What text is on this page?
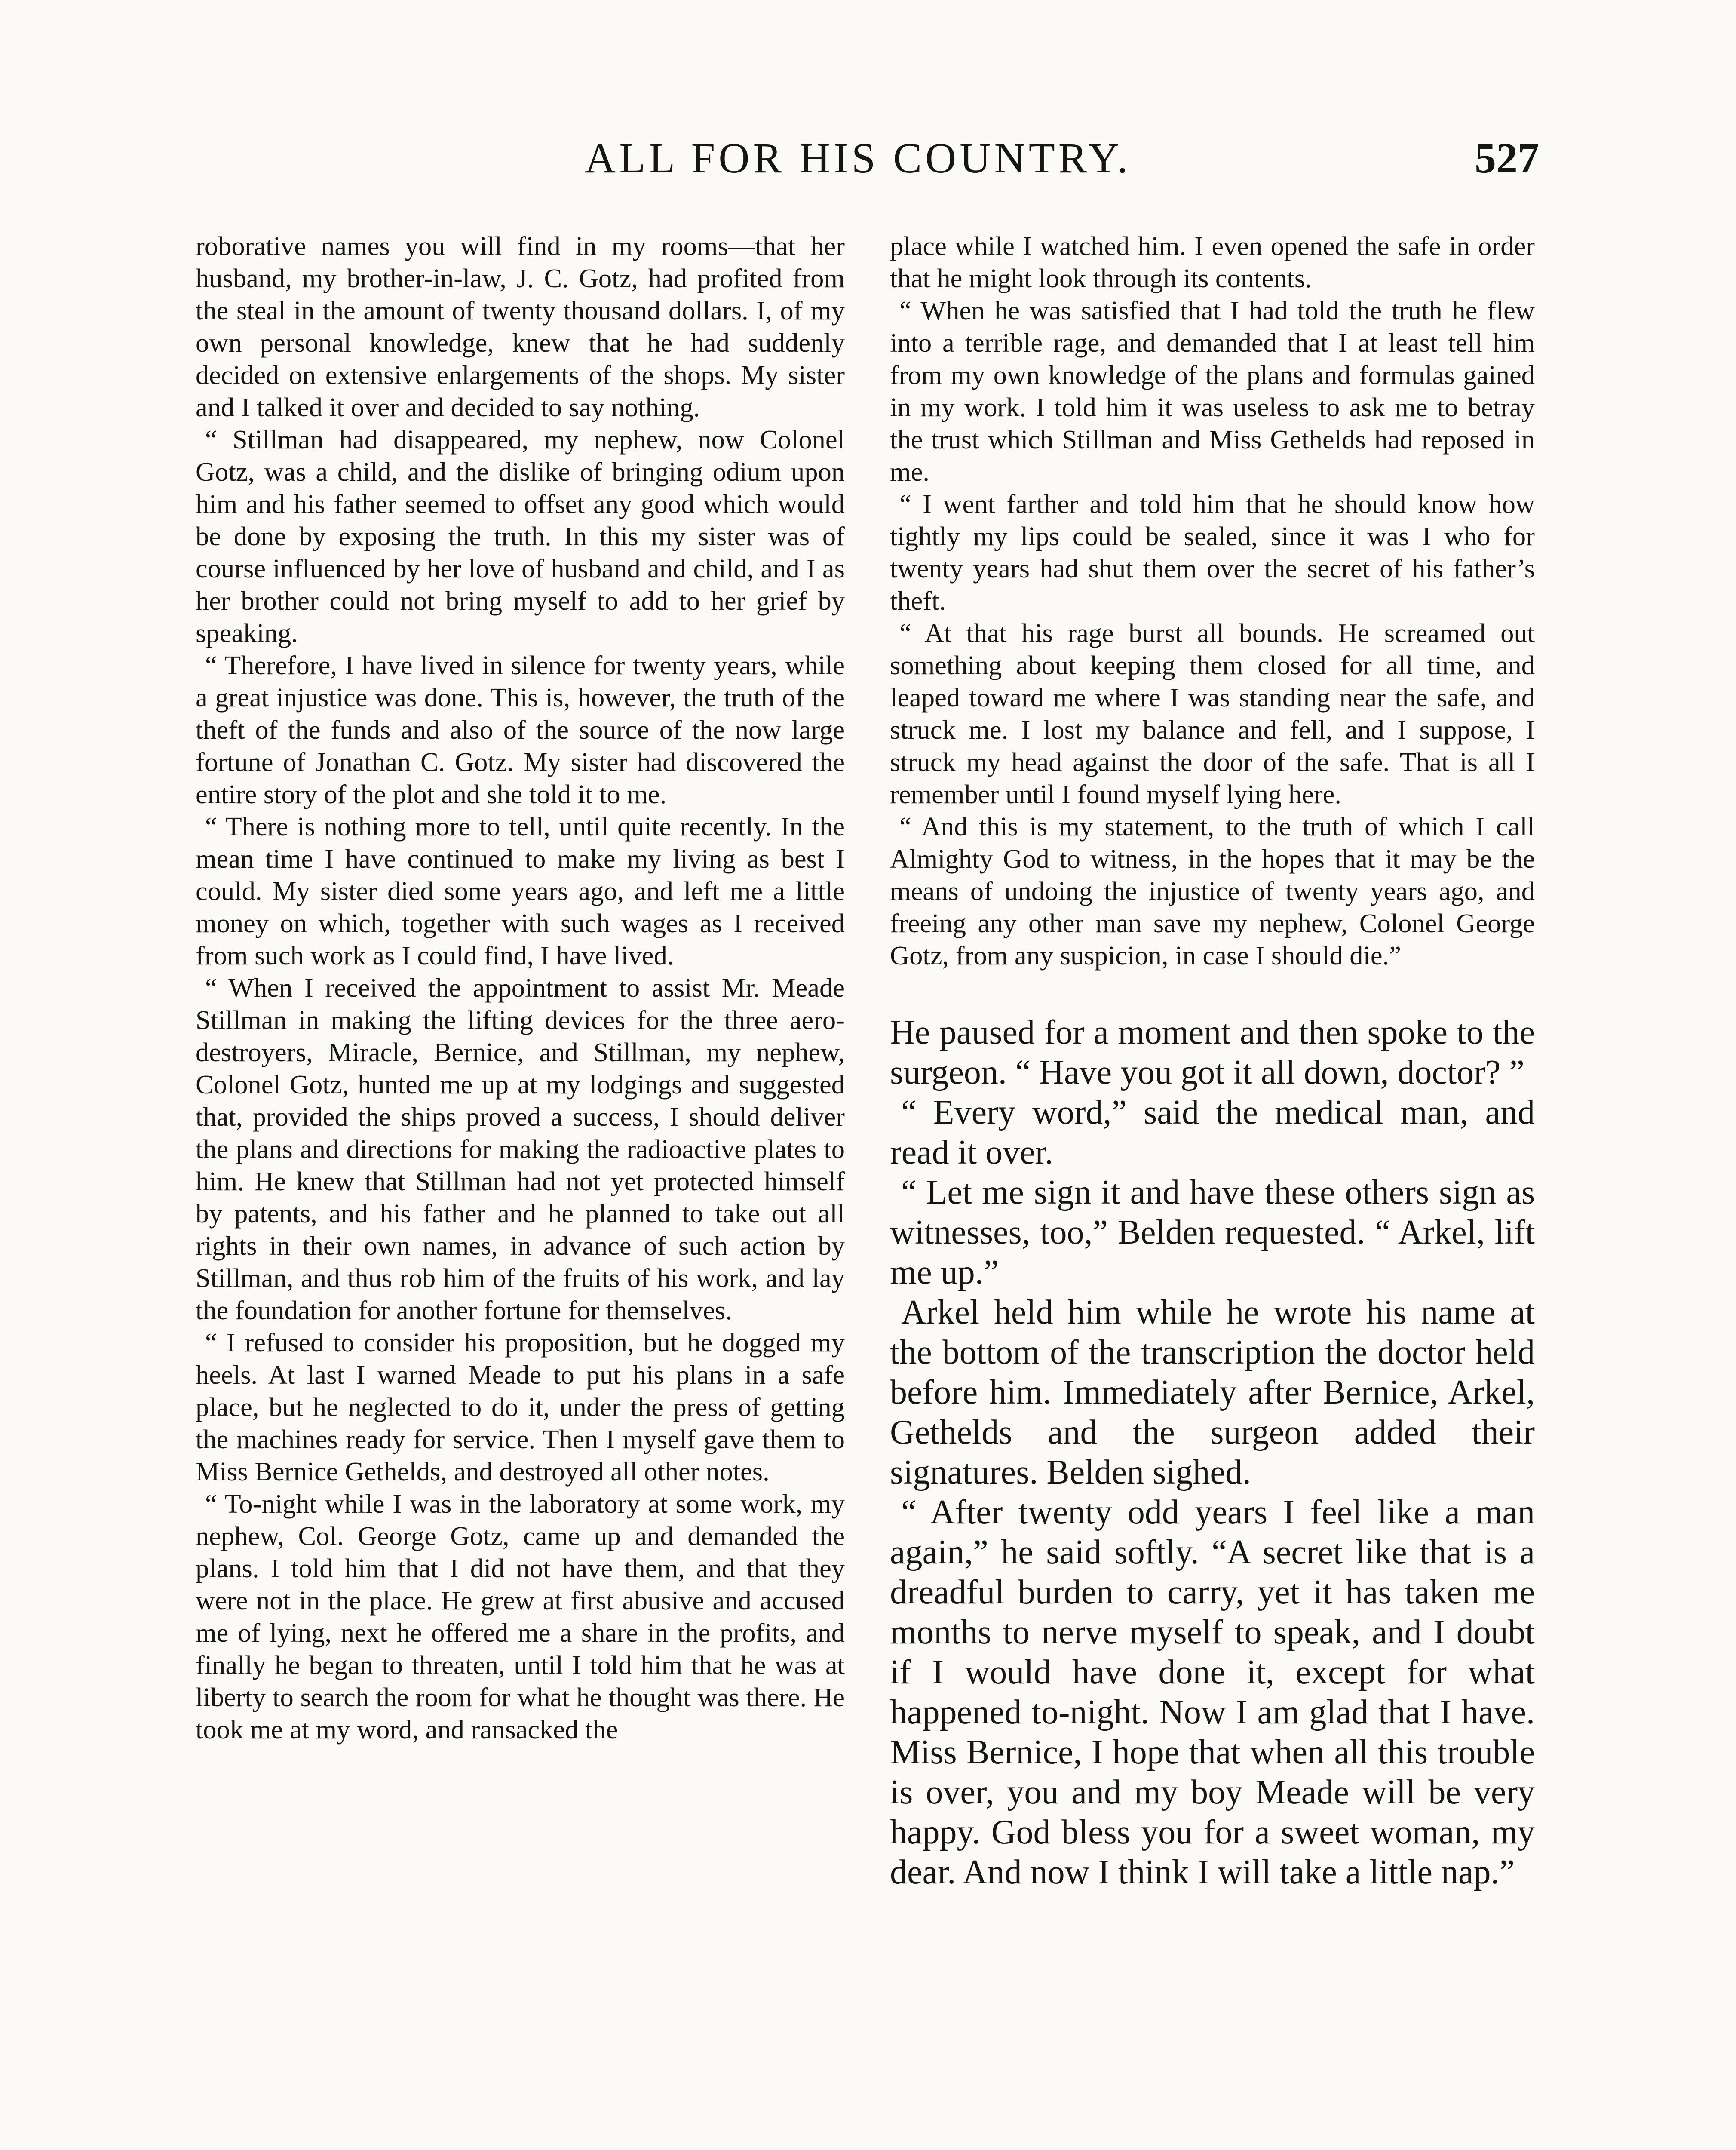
ALL FOR HIS COUNTRY.	527

roborative names you will find in my rooms—that her husband, my brother-in-law, J. C. Gotz, had profited from the steal in the amount of twenty thousand dollars. I, of my own personal knowledge, knew that he had suddenly decided on extensive enlargements of the shops. My sister and I talked it over and decided to say nothing.

“ Stillman had disappeared, my nephew, now Colonel Gotz, was a child, and the dislike of bringing odium upon him and his father seemed to offset any good which would be done by exposing the truth. In this my sister was of course influenced by her love of husband and child, and I as her brother could not bring myself to add to her grief by speaking.

“ Therefore, I have lived in silence for twenty years, while a great injustice was done. This is, however, the truth of the theft of the funds and also of the source of the now large fortune of Jonathan C. Gotz. My sister had discovered the entire story of the plot and she told it to me.

“ There is nothing more to tell, until quite recently. In the mean time I have continued to make my living as best I could. My sister died some years ago, and left me a little money on which, together with such wages as I received from such work as I could find, I have lived.

“ When I received the appointment to assist Mr. Meade Stillman in making the lifting devices for the three aero-destroyers, Miracle, Bernice, and Stillman, my nephew, Colonel Gotz, hunted me up at my lodgings and suggested that, provided the ships proved a success, I should deliver the plans and directions for making the radioactive plates to him. He knew that Stillman had not yet protected himself by patents, and his father and he planned to take out all rights in their own names, in advance of such action by Stillman, and thus rob him of the fruits of his work, and lay the foundation for another fortune for themselves.

“ I refused to consider his proposition, but he dogged my heels. At last I warned Meade to put his plans in a safe place, but he neglected to do it, under the press of getting the machines ready for service. Then I myself gave them to Miss Bernice Gethelds, and destroyed all other notes.

“ To-night while I was in the laboratory at some work, my nephew, Col. George Gotz, came up and demanded the plans. I told him that I did not have them, and that they were not in the place. He grew at first abusive and accused me of lying, next he offered me a share in the profits, and finally he began to threaten, until I told him that he was at liberty to search the room for what he thought was there. He took me at my word, and ransacked the

place while I watched him. I even opened the safe in order that he might look through its contents.

“ When he was satisfied that I had told the truth he flew into a terrible rage, and demanded that I at least tell him from my own knowledge of the plans and formulas gained in my work. I told him it was useless to ask me to betray the trust which Stillman and Miss Gethelds had reposed in me.

“ I went farther and told him that he should know how tightly my lips could be sealed, since it was I who for twenty years had shut them over the secret of his father’s theft.

“ At that his rage burst all bounds. He screamed out something about keeping them closed for all time, and leaped toward me where I was standing near the safe, and struck me. I lost my balance and fell, and I suppose, I struck my head against the door of the safe. That is all I remember until I found myself lying here.

“ And this is my statement, to the truth of which I call Almighty God to witness, in the hopes that it may be the means of undoing the injustice of twenty years ago, and freeing any other man save my nephew, Colonel George Gotz, from any suspicion, in case I should die.”

He paused for a moment and then spoke to the surgeon. “ Have you got it all down, doctor? ”

“ Every word,” said the medical man, and read it over.

“ Let me sign it and have these others sign as witnesses, too,” Belden requested. “ Arkel, lift me up.”

Arkel held him while he wrote his name at the bottom of the transcription the doctor held before him. Immediately after Bernice, Arkel, Gethelds and the surgeon added their signatures. Belden sighed.

“ After twenty odd years I feel like a man again,” he said softly. “A secret like that is a dreadful burden to carry, yet it has taken me months to nerve myself to speak, and I doubt if I would have done it, except for what happened to-night. Now I am glad that I have. Miss Bernice, I hope that when all this trouble is over, you and my boy Meade will be very happy. God bless you for a sweet woman, my dear. And now I think I will take a little nap.”
